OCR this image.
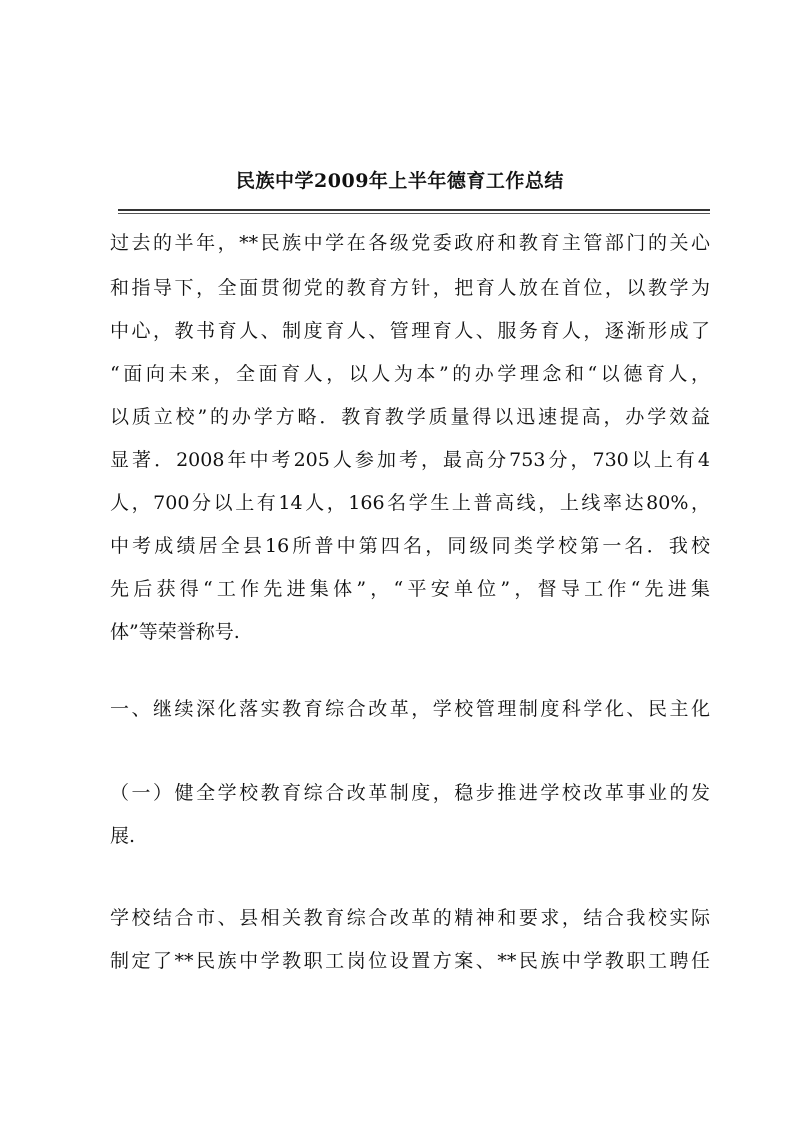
民族中学2009年上半年德育工作总结
过去的半年，**民族中学在各级党委政府和教育主管部门的关心
和指导下，全面贯彻党的教育方针，把育人放在首位，以教学为
中心，教书育人、制度育人、管理育人、服务育人，逐渐形成了
“面向未来，全面育人，以人为本”的办学理念和“以德育人，
以质立校”的办学方略．教育教学质量得以迅速提高，办学效益
显著．2008年中考205人参加考，最高分753分，730以上有4
人，700分以上有14人，166名学生上普高线，上线率达80%，
中考成绩居全县16所普中第四名，同级同类学校第一名．我校
先后获得“工作先进集体”，“平安单位”，督导工作“先进集
体”等荣誉称号.
一、继续深化落实教育综合改革，学校管理制度科学化、民主化
（一）健全学校教育综合改革制度，稳步推进学校改革事业的发
展.
学校结合市、县相关教育综合改革的精神和要求，结合我校实际
制定了**民族中学教职工岗位设置方案、**民族中学教职工聘任
